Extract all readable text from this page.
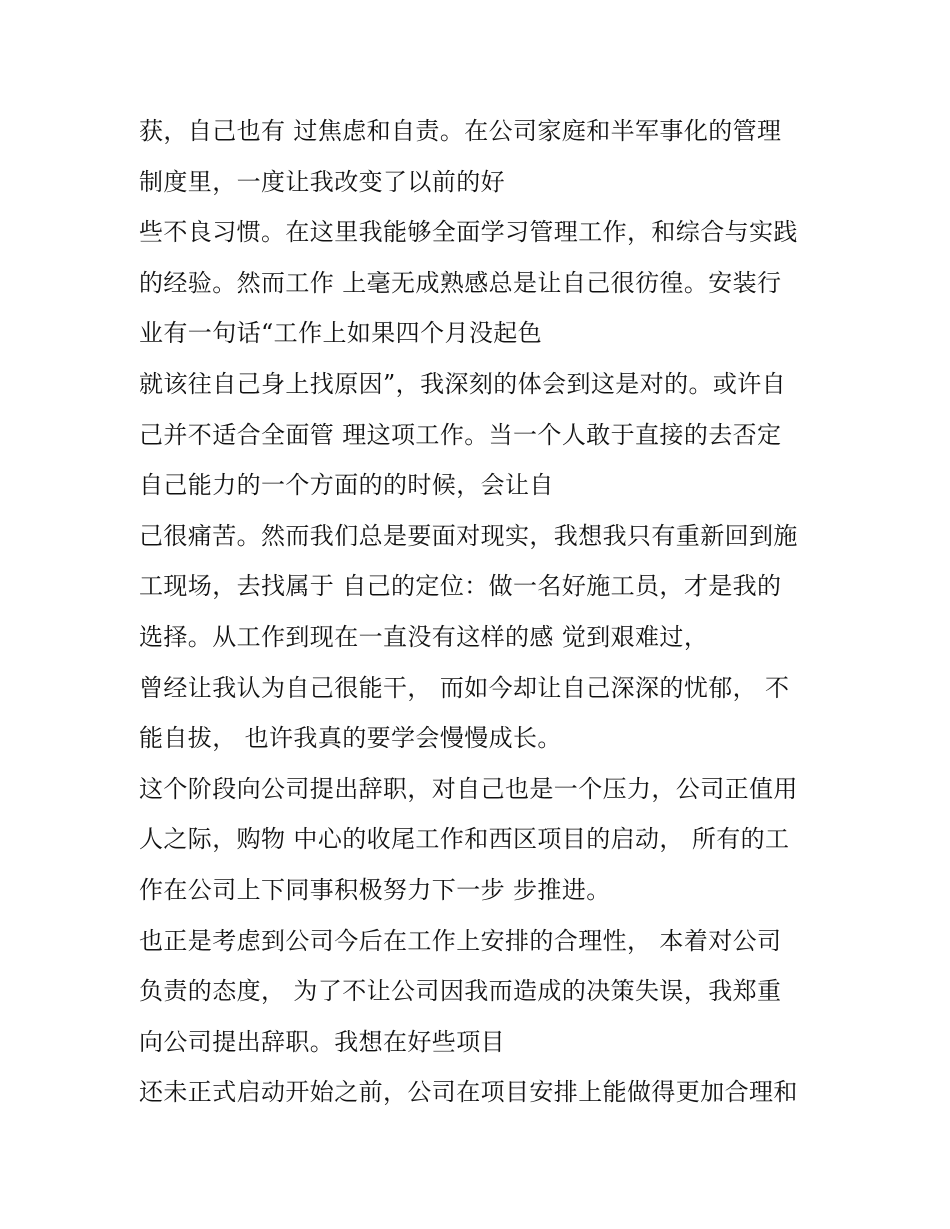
获，自己也有 过焦虑和自责。在公司家庭和半军事化的管理
制度里，一度让我改变了以前的好
些不良习惯。在这里我能够全面学习管理工作，和综合与实践
的经验。然而工作 上毫无成熟感总是让自己很彷徨。安装行
业有一句话“工作上如果四个月没起色
就该往自己身上找原因”，我深刻的体会到这是对的。或许自
己并不适合全面管 理这项工作。当一个人敢于直接的去否定
自己能力的一个方面的的时候，会让自
己很痛苦。然而我们总是要面对现实，我想我只有重新回到施
工现场，去找属于 自己的定位：做一名好施工员，才是我的
选择。从工作到现在一直没有这样的感 觉到艰难过，
曾经让我认为自己很能干， 而如今却让自己深深的忧郁， 不
能自拔， 也许我真的要学会慢慢成长。
这个阶段向公司提出辞职，对自己也是一个压力，公司正值用
人之际，购物 中心的收尾工作和西区项目的启动， 所有的工
作在公司上下同事积极努力下一步 步推进。
也正是考虑到公司今后在工作上安排的合理性， 本着对公司
负责的态度， 为了不让公司因我而造成的决策失误，我郑重
向公司提出辞职。我想在好些项目
还未正式启动开始之前，公司在项目安排上能做得更加合理和
